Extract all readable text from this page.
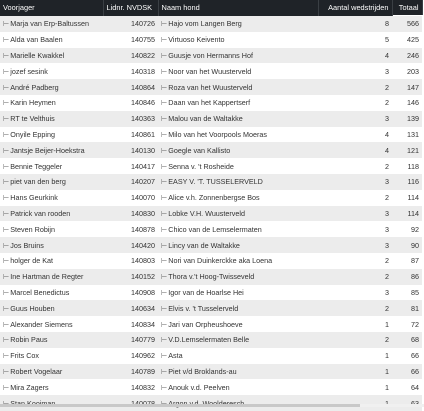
Voorjager	Lidnr. NVDSK	Naam hond	Aantal wedstrijden	Totaal
⊢Marja van Erp-Baltussen	140726	⊢Hajo vom Langen Berg	8	566
⊢Alda van Baalen	140755	⊢Virtuoso Keivento	5	425
⊢Marielle Kwakkel	140822	⊢Guusje von Hermanns Hof	4	246
⊢jozef sesink	140318	⊢Noor van het Wuusterveld	3	203
⊢André Padberg	140864	⊢Roza van het Wuusterveld	2	147
⊢Karin Heymen	140846	⊢Daan van het Kappertserf	2	146
⊢RT te Velthuis	140363	⊢Malou van de Waltakke	3	139
⊢Onyile Epping	140861	⊢Milo van het Voorpools Moeras	4	131
⊢Jantsje Beijer-Hoekstra	140130	⊢Goegle van Kallisto	4	121
⊢Bennie Teggeler	140417	⊢Senna v. 't Rosheide	2	118
⊢piet van den berg	140207	⊢EASY V. 'T. TUSSELERVELD	3	116
⊢Hans Geurkink	140070	⊢Alice v.h. Zonnenbergse Bos	2	114
⊢Patrick van rooden	140830	⊢Lobke V.H. Wuusterveld	3	114
⊢Steven Robijn	140878	⊢Chico van de Lemselermaten	3	92
⊢Jos Bruins	140420	⊢Lincy van de Waltakke	3	90
⊢holger de Kat	140803	⊢Nori van Duinkerckke aka Loena	2	87
⊢Ine Hartman de Regter	140152	⊢Thora v.'t Hoog-Twisseveld	2	86
⊢Marcel Benedictus	140908	⊢Igor van de Hoarlse Hei	3	85
⊢Guus Houben	140634	⊢Elvis v. 't Tusselerveld	2	81
⊢Alexander Siemens	140834	⊢Jari van Orpheushoeve	1	72
⊢Robin Paus	140779	⊢V.D.Lemselermaten Belle	2	68
⊢Frits Cox	140962	⊢Asta	1	66
⊢Robert Vogelaar	140789	⊢Piet v/d Broklands-au	1	66
⊢Mira Zagers	140832	⊢Anouk v.d. Peelven	1	64
